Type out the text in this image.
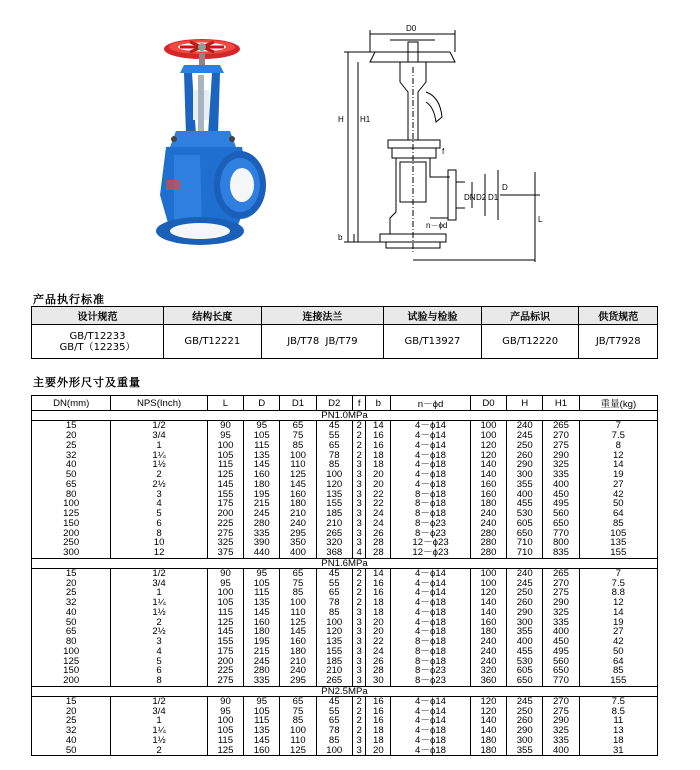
D0
H H1
b
DN D2 D1
D
L
f
n－ϕd
产品执行标准
设计规范	结构长度	连接法兰	试验与检验	产品标识	供货规范
GB/T12233
GB/T（12235）	GB/T12221	JB/T78  JB/T79	GB/T13927	GB/T12220	JB/T7928
主要外形尺寸及重量
DN(mm)	NPS(Inch)	L	D	D1	D2	f	b	n－ϕd	D0	H	H1	重量(kg)
PN1.0MPa												
15	1/2	90	95	65	45	2	14	4－ϕ14	100	240	265	7
20	3/4	95	105	75	55	2	16	4－ϕ14	100	245	270	7.5
25	1	100	115	85	65	2	16	4－ϕ14	120	250	275	8
32	1¼	105	135	100	78	2	18	4－ϕ18	120	260	290	12
40	1½	115	145	110	85	3	18	4－ϕ18	140	290	325	14
50	2	125	160	125	100	3	20	4－ϕ18	140	300	335	19
65	2½	145	180	145	120	3	20	4－ϕ18	160	355	400	27
80	3	155	195	160	135	3	22	8－ϕ18	160	400	450	42
100	4	175	215	180	155	3	22	8－ϕ18	180	455	495	50
125	5	200	245	210	185	3	24	8－ϕ18	240	530	560	64
150	6	225	280	240	210	3	24	8－ϕ23	240	605	650	85
200	8	275	335	295	265	3	26	8－ϕ23	280	650	770	105
250	10	325	390	350	320	3	28	12－ϕ23	280	710	800	135
300	12	375	440	400	368	4	28	12－ϕ23	280	710	835	155
PN1.6MPa												
15	1/2	90	95	65	45	2	14	4－ϕ14	100	240	265	7
20	3/4	95	105	75	55	2	16	4－ϕ14	100	245	270	7.5
25	1	100	115	85	65	2	16	4－ϕ14	120	250	275	8.8
32	1¼	105	135	100	78	2	18	4－ϕ18	140	260	290	12
40	1½	115	145	110	85	3	18	4－ϕ18	140	290	325	14
50	2	125	160	125	100	3	20	4－ϕ18	160	300	335	19
65	2½	145	180	145	120	3	20	4－ϕ18	180	355	400	27
80	3	155	195	160	135	3	22	8－ϕ18	240	400	450	42
100	4	175	215	180	155	3	24	8－ϕ18	240	455	495	50
125	5	200	245	210	185	3	26	8－ϕ18	240	530	560	64
150	6	225	280	240	210	3	28	8－ϕ23	320	605	650	85
200	8	275	335	295	265	3	30	8－ϕ23	360	650	770	155
PN2.5MPa												
15	1/2	90	95	65	45	2	16	4－ϕ14	120	245	270	7.5
20	3/4	95	105	75	55	2	16	4－ϕ14	120	250	275	8.5
25	1	100	115	85	65	2	16	4－ϕ14	140	260	290	11
32	1¼	105	135	100	78	2	18	4－ϕ18	140	290	325	13
40	1½	115	145	110	85	3	18	4－ϕ18	180	300	335	18
50	2	125	160	125	100	3	20	4－ϕ18	180	355	400	31
